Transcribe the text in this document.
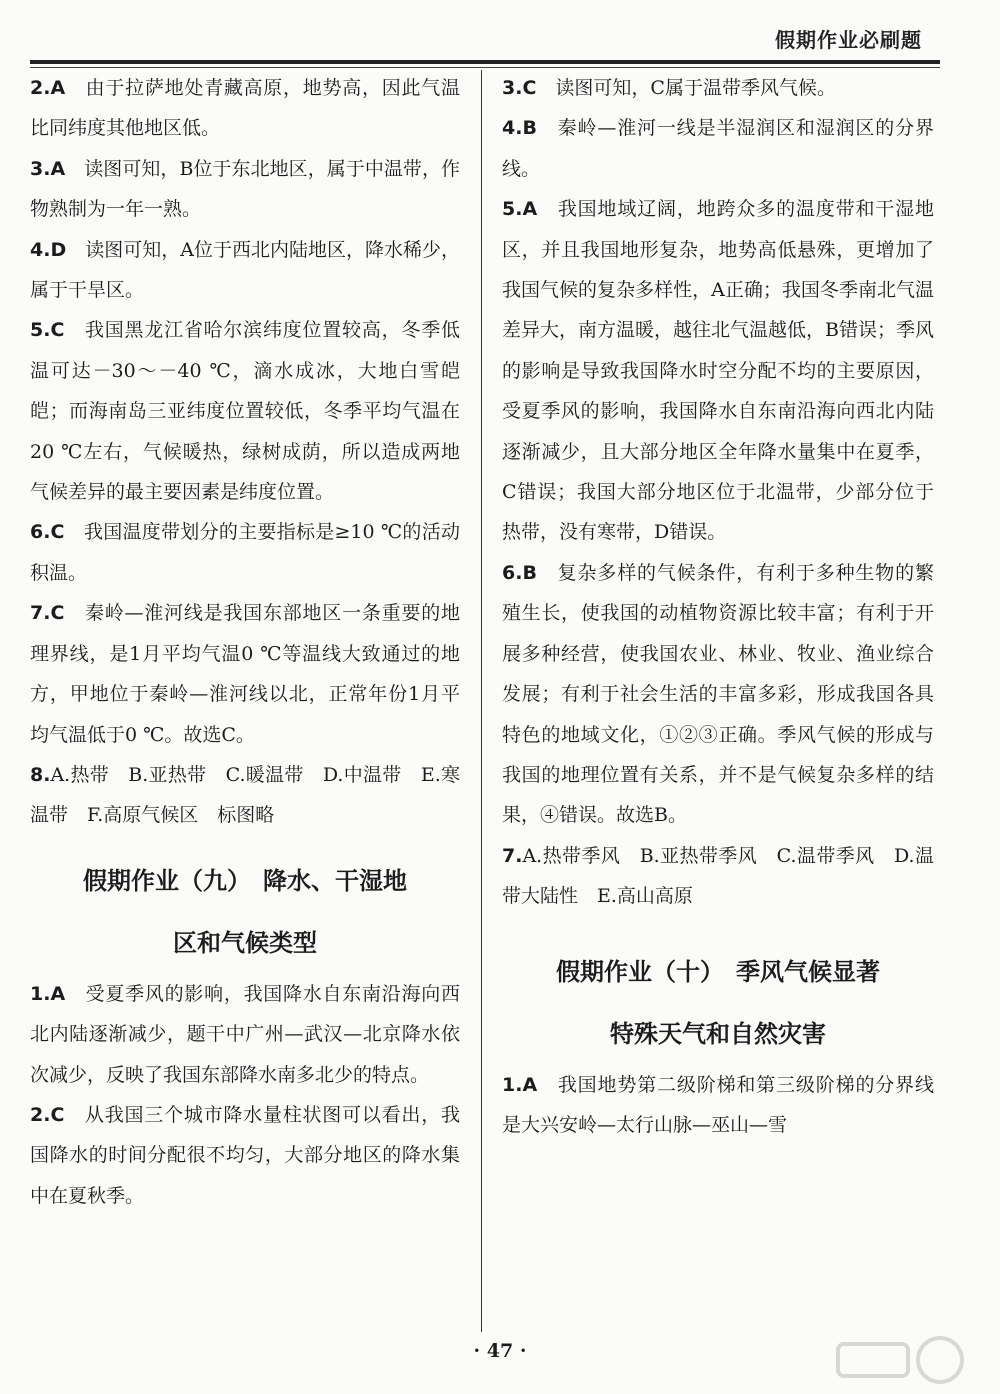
假期作业必刷题

2.A　 由于拉萨地处青藏高原，地势高，因此气温比同纬度其他地区低。

3.A　 读图可知，B位于东北地区，属于中温带，作物熟制为一年一熟。

4.D　 读图可知，A位于西北内陆地区，降水稀少，属于干旱区。

5.C　 我国黑龙江省哈尔滨纬度位置较高，冬季低温可达－30～－40 ℃，滴水成冰，大地白雪皑皑；而海南岛三亚纬度位置较低，冬季平均气温在20 ℃左右，气候暖热，绿树成荫，所以造成两地气候差异的最主要因素是纬度位置。

6.C　 我国温度带划分的主要指标是≥10 ℃的活动积温。

7.C　 秦岭—淮河线是我国东部地区一条重要的地理界线，是1月平均气温0 ℃等温线大致通过的地方，甲地位于秦岭—淮河线以北，正常年份1月平均气温低于0 ℃。故选C。

8.A.热带　B.亚热带　C.暖温带　D.中温带　E.寒温带　F.高原气候区　标图略

假期作业（九）　降水、干湿地

区和气候类型

1.A　 受夏季风的影响，我国降水自东南沿海向西北内陆逐渐减少，题干中广州—武汉—北京降水依次减少，反映了我国东部降水南多北少的特点。

2.C　 从我国三个城市降水量柱状图可以看出，我国降水的时间分配很不均匀，大部分地区的降水集中在夏秋季。

3.C　 读图可知，C属于温带季风气候。

4.B　 秦岭—淮河一线是半湿润区和湿润区的分界线。

5.A　 我国地域辽阔，地跨众多的温度带和干湿地区，并且我国地形复杂，地势高低悬殊，更增加了我国气候的复杂多样性，A正确；我国冬季南北气温差异大，南方温暖，越往北气温越低，B错误；季风的影响是导致我国降水时空分配不均的主要原因，受夏季风的影响，我国降水自东南沿海向西北内陆逐渐减少，且大部分地区全年降水量集中在夏季，C错误；我国大部分地区位于北温带，少部分位于热带，没有寒带，D错误。

6.B　 复杂多样的气候条件，有利于多种生物的繁殖生长，使我国的动植物资源比较丰富；有利于开展多种经营，使我国农业、林业、牧业、渔业综合发展；有利于社会生活的丰富多彩，形成我国各具特色的地域文化，①②③正确。季风气候的形成与我国的地理位置有关系，并不是气候复杂多样的结果，④错误。故选B。

7.A.热带季风　B.亚热带季风　C.温带季风　D.温带大陆性　E.高山高原

假期作业（十）　季风气候显著

特殊天气和自然灾害

1.A　 我国地势第二级阶梯和第三级阶梯的分界线是大兴安岭—太行山脉—巫山—雪

· 47 ·
